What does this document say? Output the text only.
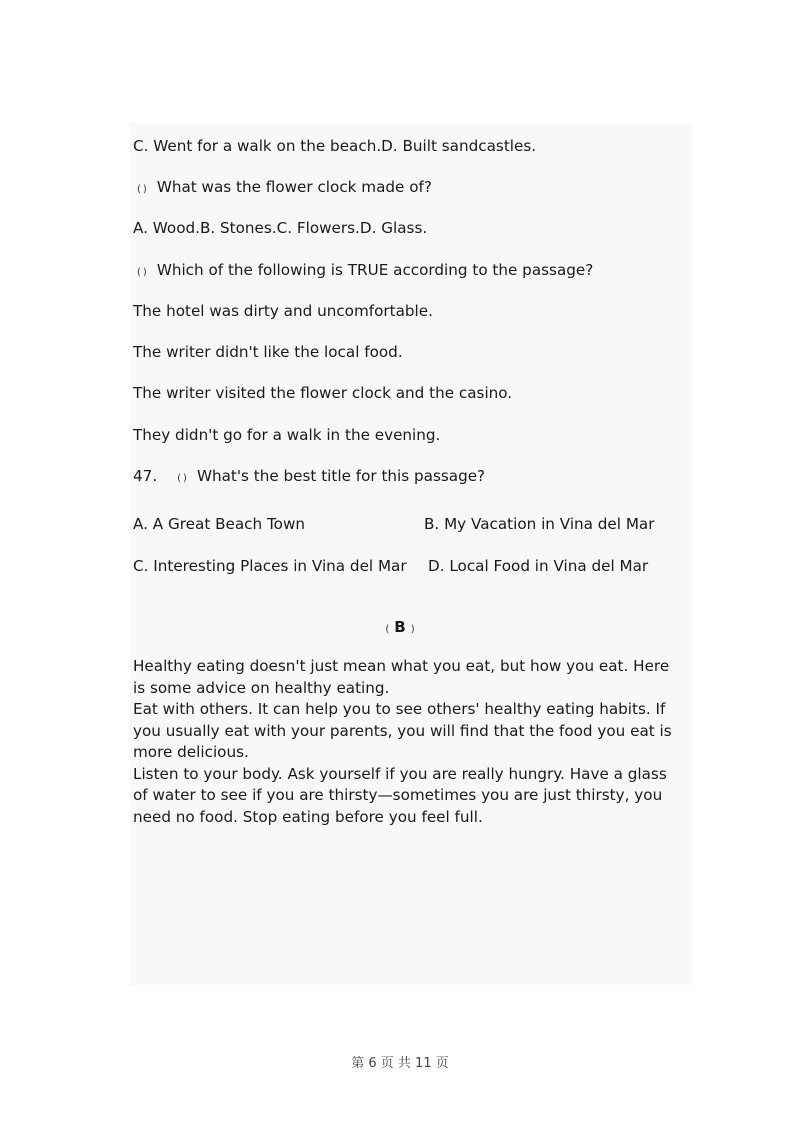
C. Went for a walk on the beach.D. Built sandcastles.
() What was the flower clock made of?
A. Wood.B. Stones.C. Flowers.D. Glass.
() Which of the following is TRUE according to the passage?
The hotel was dirty and uncomfortable.
The writer didn't like the local food.
The writer visited the flower clock and the casino.
They didn't go for a walk in the evening.
47. () What's the best title for this passage?
A. A Great Beach Town	B. My Vacation in Vina del Mar
C. Interesting Places in Vina del Mar D. Local Food in Vina del Mar
( B )

Healthy eating doesn't just mean what you eat, but how you eat. Here is some advice on healthy eating.

Eat with others. It can help you to see others' healthy eating habits. If you usually eat with your parents, you will find that the food you eat is more delicious.

Listen to your body. Ask yourself if you are really hungry. Have a glass of water to see if you are thirsty—sometimes you are just thirsty, you need no food. Stop eating before you feel full.

第 6 页 共 11 页
